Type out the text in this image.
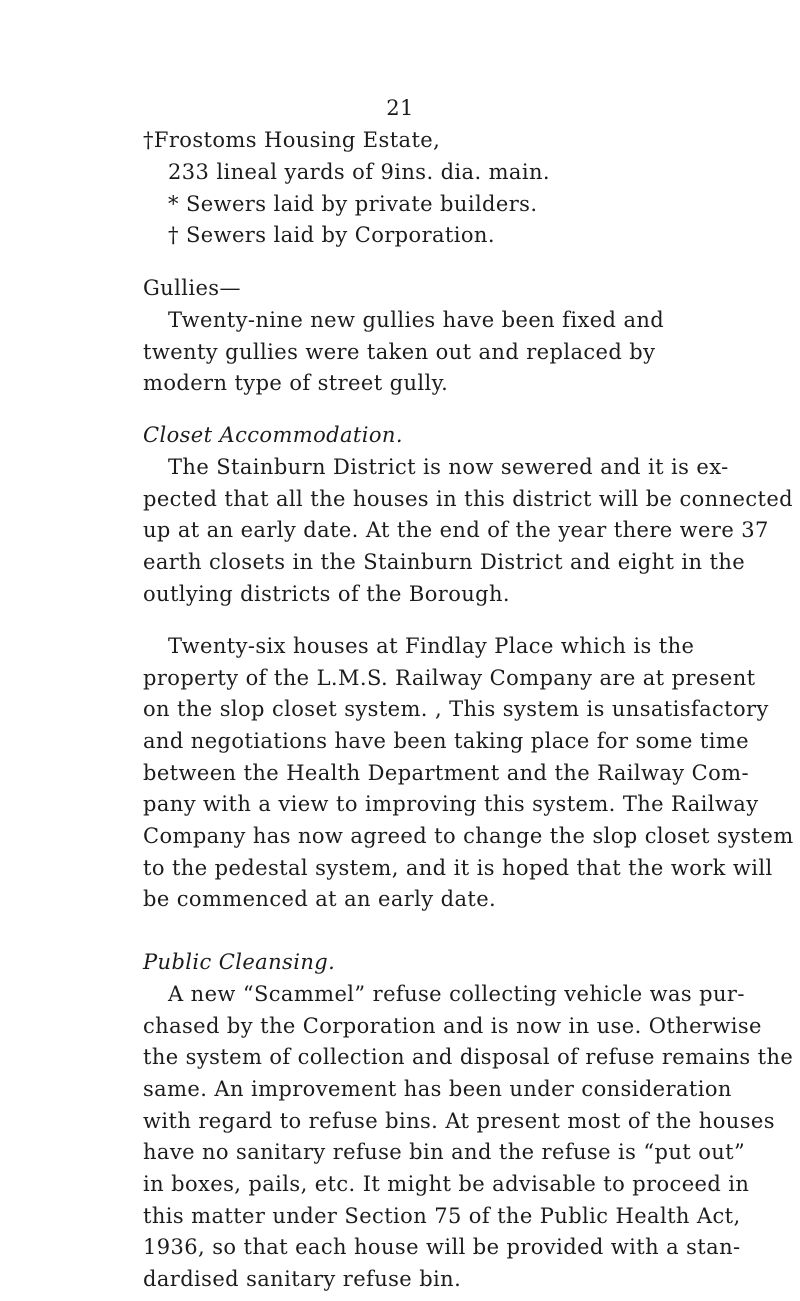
21
†Frostoms Housing Estate,
233 lineal yards of 9ins. dia. main.
* Sewers laid by private builders.
† Sewers laid by Corporation.
Gullies—
Twenty-nine new gullies have been fixed and
twenty gullies were taken out and replaced by
modern type of street gully.
Closet Accommodation.
The Stainburn District is now sewered and it is ex-
pected that all the houses in this district will be connected
up at an early date. At the end of the year there were 37
earth closets in the Stainburn District and eight in the
outlying districts of the Borough.
Twenty-six houses at Findlay Place which is the
property of the L.M.S. Railway Company are at present
on the slop closet system. , This system is unsatisfactory
and negotiations have been taking place for some time
between the Health Department and the Railway Com-
pany with a view to improving this system. The Railway
Company has now agreed to change the slop closet system
to the pedestal system, and it is hoped that the work will
be commenced at an early date.
Public Cleansing.
A new “Scammel” refuse collecting vehicle was pur-
chased by the Corporation and is now in use. Otherwise
the system of collection and disposal of refuse remains the
same. An improvement has been under consideration
with regard to refuse bins. At present most of the houses
have no sanitary refuse bin and the refuse is “put out”
in boxes, pails, etc. It might be advisable to proceed in
this matter under Section 75 of the Public Health Act,
1936, so that each house will be provided with a stan-
dardised sanitary refuse bin.
